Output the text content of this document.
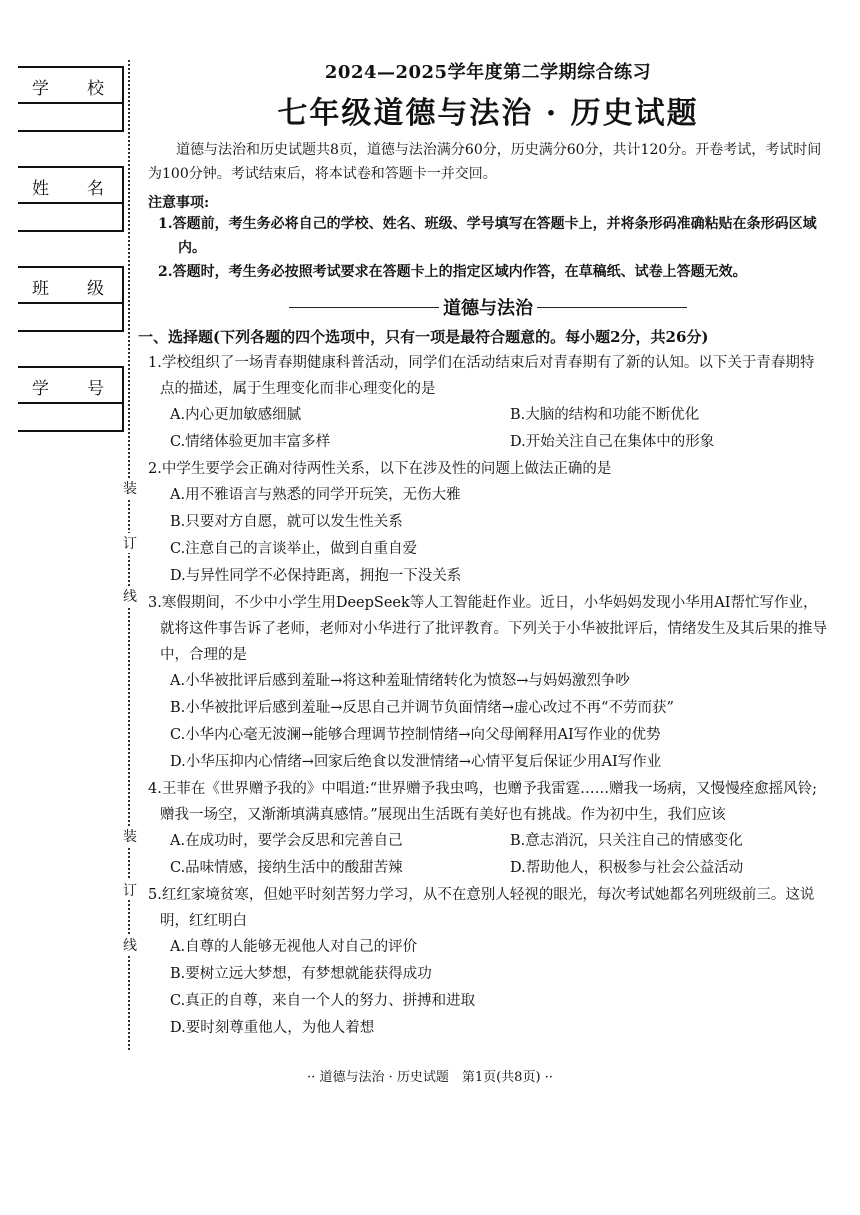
学 校
姓 名
班 级
学 号
装
订
线
装
订
线
2024—2025学年度第二学期综合练习
七年级道德与法治 · 历史试题
道德与法治和历史试题共8页，道德与法治满分60分，历史满分60分，共计120分。开卷考试，考试时间为100分钟。考试结束后，将本试卷和答题卡一并交回。
注意事项:
1.答题前，考生务必将自己的学校、姓名、班级、学号填写在答题卡上，并将条形码准确粘贴在条形码区域内。
2.答题时，考生务必按照考试要求在答题卡上的指定区域内作答，在草稿纸、试卷上答题无效。
道德与法治
一、选择题(下列各题的四个选项中，只有一项是最符合题意的。每小题2分，共26分)
1.学校组织了一场青春期健康科普活动，同学们在活动结束后对青春期有了新的认知。以下关于青春期特点的描述，属于生理变化而非心理变化的是
A.内心更加敏感细腻	B.大脑的结构和功能不断优化
C.情绪体验更加丰富多样	D.开始关注自己在集体中的形象
2.中学生要学会正确对待两性关系，以下在涉及性的问题上做法正确的是
A.用不雅语言与熟悉的同学开玩笑，无伤大雅
B.只要对方自愿，就可以发生性关系
C.注意自己的言谈举止，做到自重自爱
D.与异性同学不必保持距离，拥抱一下没关系
3.寒假期间，不少中小学生用DeepSeek等人工智能赶作业。近日，小华妈妈发现小华用AI帮忙写作业，就将这件事告诉了老师，老师对小华进行了批评教育。下列关于小华被批评后，情绪发生及其后果的推导中，合理的是
A.小华被批评后感到羞耻→将这种羞耻情绪转化为愤怒→与妈妈激烈争吵
B.小华被批评后感到羞耻→反思自己并调节负面情绪→虚心改过不再“不劳而获”
C.小华内心毫无波澜→能够合理调节控制情绪→向父母阐释用AI写作业的优势
D.小华压抑内心情绪→回家后绝食以发泄情绪→心情平复后保证少用AI写作业
4.王菲在《世界赠予我的》中唱道:“世界赠予我虫鸣，也赠予我雷霆……赠我一场病，又慢慢痊愈摇风铃;赠我一场空，又渐渐填满真感情。”展现出生活既有美好也有挑战。作为初中生，我们应该
A.在成功时，要学会反思和完善自己	B.意志消沉，只关注自己的情感变化
C.品味情感，接纳生活中的酸甜苦辣	D.帮助他人，积极参与社会公益活动
5.红红家境贫寒，但她平时刻苦努力学习，从不在意别人轻视的眼光，每次考试她都名列班级前三。这说明，红红明白
A.自尊的人能够无视他人对自己的评价
B.要树立远大梦想，有梦想就能获得成功
C.真正的自尊，来自一个人的努力、拼搏和进取
D.要时刻尊重他人，为他人着想
·· 道德与法治 · 历史试题　第1页(共8页) ··
